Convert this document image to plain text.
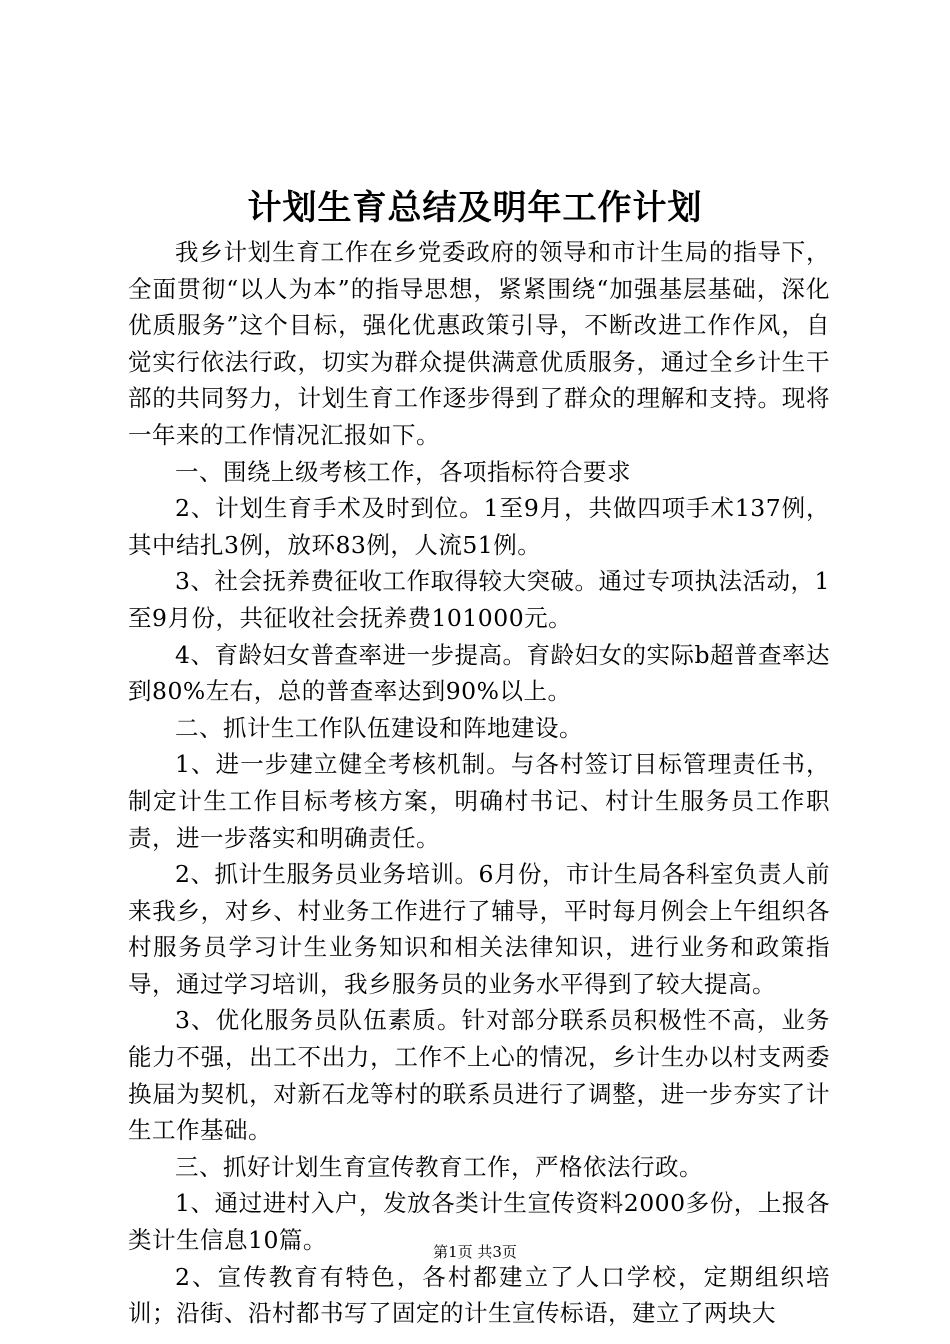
计划生育总结及明年工作计划

我乡计划生育工作在乡党委政府的领导和市计生局的指导下，全面贯彻“以人为本”的指导思想，紧紧围绕“加强基层基础，深化优质服务”这个目标，强化优惠政策引导，不断改进工作作风，自觉实行依法行政，切实为群众提供满意优质服务，通过全乡计生干部的共同努力，计划生育工作逐步得到了群众的理解和支持。现将一年来的工作情况汇报如下。

一、围绕上级考核工作，各项指标符合要求

2、计划生育手术及时到位。1至9月，共做四项手术137例，其中结扎3例，放环83例，人流51例。

3、社会抚养费征收工作取得较大突破。通过专项执法活动，1至9月份，共征收社会抚养费101000元。

4、育龄妇女普查率进一步提高。育龄妇女的实际b超普查率达到80%左右，总的普查率达到90%以上。

二、抓计生工作队伍建设和阵地建设。

1、进一步建立健全考核机制。与各村签订目标管理责任书，制定计生工作目标考核方案，明确村书记、村计生服务员工作职责，进一步落实和明确责任。

2、抓计生服务员业务培训。6月份，市计生局各科室负责人前来我乡，对乡、村业务工作进行了辅导，平时每月例会上午组织各村服务员学习计生业务知识和相关法律知识，进行业务和政策指导，通过学习培训，我乡服务员的业务水平得到了较大提高。

3、优化服务员队伍素质。针对部分联系员积极性不高，业务能力不强，出工不出力，工作不上心的情况，乡计生办以村支两委换届为契机，对新石龙等村的联系员进行了调整，进一步夯实了计生工作基础。

三、抓好计划生育宣传教育工作，严格依法行政。

1、通过进村入户，发放各类计生宣传资料2000多份，上报各类计生信息10篇。

2、宣传教育有特色，各村都建立了人口学校，定期组织培训；沿街、沿村都书写了固定的计生宣传标语，建立了两块大

第1页 共3页
